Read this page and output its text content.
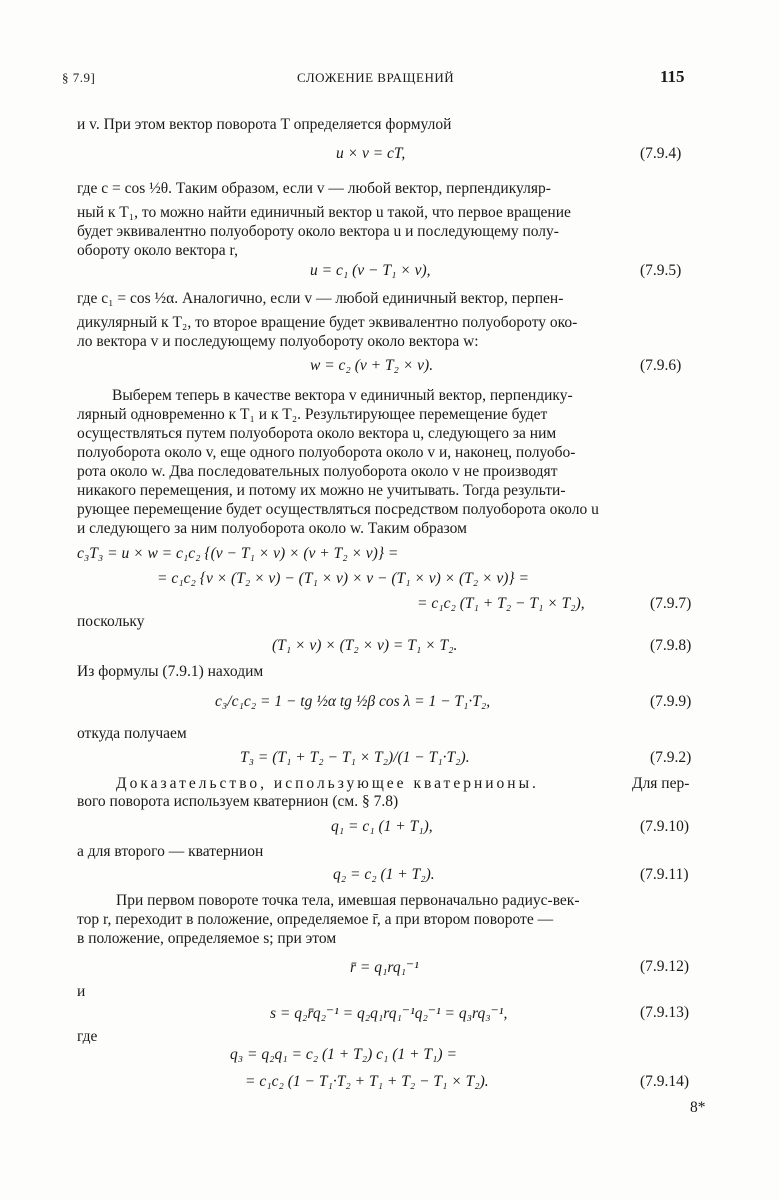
§ 7.9]	СЛОЖЕНИЕ ВРАЩЕНИЙ	115
и v. При этом вектор поворота T определяется формулой
u × v = cT,	(7.9.4)
где c = cos ½θ. Таким образом, если v — любой вектор, перпендикуляр-
ный к T₁, то можно найти единичный вектор u такой, что первое вращение
будет эквивалентно полуобороту около вектора u и последующему полу-
обороту около вектора r,
u = c₁ (v − T₁ × v),	(7.9.5)
где c₁ = cos ½α. Аналогично, если v — любой единичный вектор, перпен-
дикулярный к T₂, то второе вращение будет эквивалентно полуобороту око-
ло вектора v и последующему полуобороту около вектора w:
w = c₂ (v + T₂ × v).	(7.9.6)
Выберем теперь в качестве вектора v единичный вектор, перпендику-
лярный одновременно к T₁ и к T₂. Результирующее перемещение будет
осуществляться путем полуоборота около вектора u, следующего за ним
полуоборота около v, еще одного полуоборота около v и, наконец, полуобо-
рота около w. Два последовательных полуоборота около v не производят
никакого перемещения, и потому их можно не учитывать. Тогда результи-
рующее перемещение будет осуществляться посредством полуоборота около u
и следующего за ним полуоборота около w. Таким образом
c₃T₃ = u × w = c₁c₂ {(v − T₁ × v) × (v + T₂ × v)} =
= c₁c₂ {v × (T₂ × v) − (T₁ × v) × v − (T₁ × v) × (T₂ × v)} =
= c₁c₂ (T₁ + T₂ − T₁ × T₂),	(7.9.7)
поскольку
(T₁ × v) × (T₂ × v) = T₁ × T₂.	(7.9.8)
Из формулы (7.9.1) находим
c₃/c₁c₂ = 1 − tg ½α tg ½β cos λ = 1 − T₁·T₂,	(7.9.9)
откуда получаем
T₃ = (T₁ + T₂ − T₁ × T₂)/(1 − T₁·T₂).	(7.9.2)
Доказательство, использующее кватернионы.	Для пер-
вого поворота используем кватернион (см. § 7.8)
q₁ = c₁ (1 + T₁),	(7.9.10)
а для второго — кватернион
q₂ = c₂ (1 + T₂).	(7.9.11)
При первом повороте точка тела, имевшая первоначально радиус-век-
тор r, переходит в положение, определяемое r̄, а при втором повороте —
в положение, определяемое s; при этом
r̄ = q₁rq₁⁻¹	(7.9.12)
и
s = q₂r̄q₂⁻¹ = q₂q₁rq₁⁻¹q₂⁻¹ = q₃rq₃⁻¹,	(7.9.13)
где
q₃ = q₂q₁ = c₂ (1 + T₂) c₁ (1 + T₁) =
= c₁c₂ (1 − T₁·T₂ + T₁ + T₂ − T₁ × T₂).	(7.9.14)
8*
